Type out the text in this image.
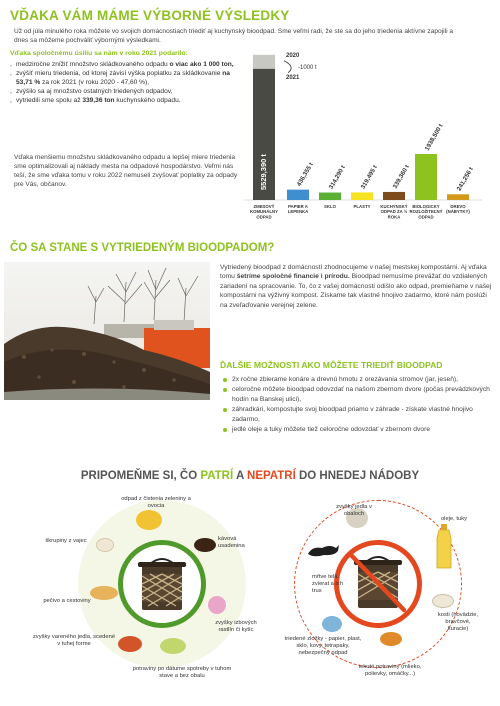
VĎAKA VÁM MÁME VÝBORNÉ VÝSLEDKY

Už od júla minulého roka môžete vo svojich domácnostiach triediť aj kuchynský bioodpad. Sme veľmi radi, že ste sa do jeho triedenia aktívne zapojili a dnes sa môžeme pochváliť výbornými výsledkami.

Vďaka spoločnému úsiliu sa nám v roku 2021 podarilo:
, medziročne znížiť množstvo skládkovaného odpadu o viac ako 1 000 ton,
, zvýšiť mieru triedenia, od ktorej závisí výška poplatku za skládkovanie na 53,71 % za rok 2021 (v roku 2020 - 47,60 %),
, zvýšilo sa aj množstvo ostatných triedených odpadov,
, vytriedili sme spolu až 339,36 ton kuchynského odpadu.

Vďaka menšiemu množstvu skládkovaného odpadu a lepšej miere triedenia sme optimalizovali aj náklady mesta na odpadové hospodárstvo. Veľmi nás teší, že sme vďaka tomu v roku 2022 nemuseli zvyšovať poplatky za odpady pre Vás, občanov.	5529,390 t
ZMESOVÝ KOMUNÁLNY ODPAD
436,355 t
PAPIER A LEPENKA
314,290 t
SKLO
319,495 t
PLASTY
339,360 t
KUCHYNSKÝ ODPAD ZA ½ ROKA
1938,500 t
BIOLOGICKY ROZLOŽITEĽNÝ ODPAD
241,256 t
DREVO (NÁBYTKY)
2020
2021
-1000 t
ČO SA STANE S VYTRIEDENÝM BIOODPADOM?

Vytriedený bioodpad z domácností zhodnocujeme v našej mestskej kompostárni. Aj vďaka tomu šetríme spoločné financie i prírodu. Bioodpad nemusíme prevážať do vzdialených zariadení na spracovanie. To, čo z vašej domácnosti odišlo ako odpad, premieňame v našej kompostárni na výživný kompost. Získame tak vlastné hnojivo zadarmo, ktoré nám poslúži na zveľaďovanie verejnej zelene.

ĎALŠIE MOŽNOSTI AKO MÔŽETE TRIEDIŤ BIOODPAD
2x ročne zbierame konáre a drevnú hmotu z orezávania stromov (jar, jeseň),
celoročne môžete bioodpad odovzdať na našom zbernom dvore (počas prevádzkových hodín na Banskej ulici),
záhradkári, kompostujte svoj bioodpad priamo v záhrade - získate vlastné hnojivo zadarmo,
jedlé oleje a tuky môžete tiež celoročne odovzdať v zbernom dvore
PRIPOMEŇME SI, ČO PATRÍ A NEPATRÍ DO HNEDEJ NÁDOBY
odpad z čistenia zeleniny a ovocia
kávová usadenina
škrupiny z vajec
pečivo a cestoviny
zvyšky izbových rastlín či kytíc
zvyšky vareného jedla, scedené v tuhej forme
potraviny po dátume spotreby v tuhom stave a bez obalu
zvyšky jedla v obaloch
oleje, tuky
mŕtve telá zvierat a ich trus
triedené zložky - papier, plast, sklo, kovy, tetrapaky, nebezpečný odpad
kosti (hovädzie, bravčové, kuracie)
tekuté potraviny (mlieko, polievky, omáčky...)
